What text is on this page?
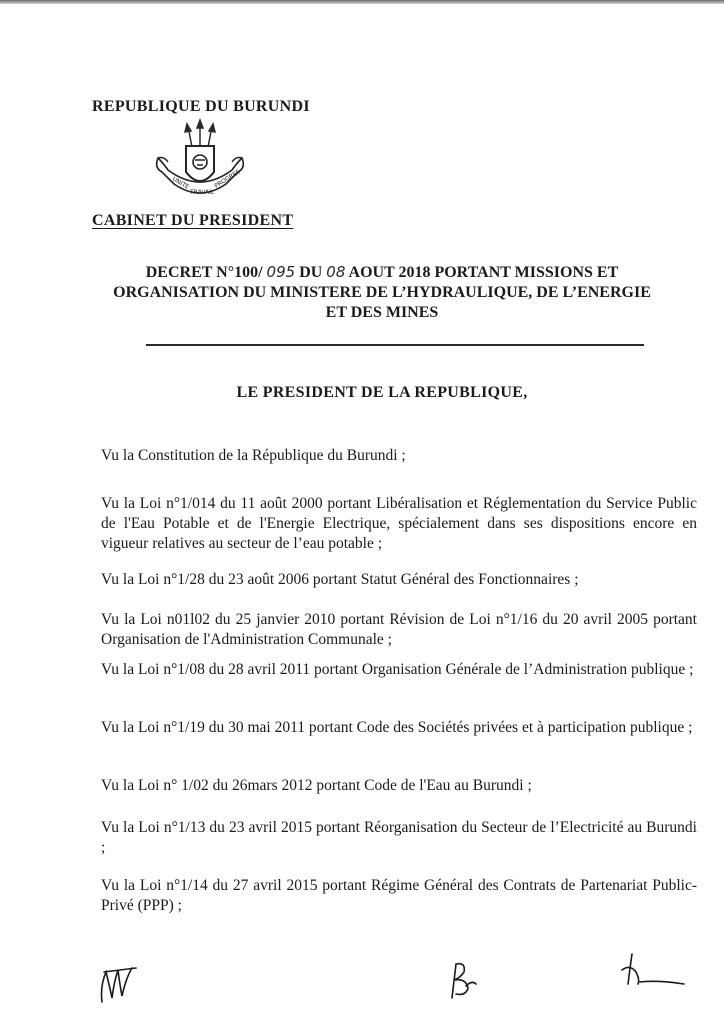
REPUBLIQUE DU BURUNDI
UNITE
TRAVAIL
PROGRES
CABINET DU PRESIDENT
DECRET N°100/ 095 DU 08 AOUT 2018 PORTANT MISSIONS ET
ORGANISATION DU MINISTERE DE L’HYDRAULIQUE, DE L’ENERGIE
ET DES MINES
LE PRESIDENT DE LA REPUBLIQUE,

Vu la Constitution de la République du Burundi ;

Vu la Loi n°1/014 du 11 août 2000 portant Libéralisation et Réglementation du Service Public de l'Eau Potable et de l'Energie Electrique, spécialement dans ses dispositions encore en vigueur relatives au secteur de l’eau potable ;

Vu la Loi n°1/28 du 23 août 2006 portant Statut Général des Fonctionnaires ;

Vu la Loi n01l02 du 25 janvier 2010 portant Révision de Loi n°1/16 du 20 avril 2005 portant Organisation de l'Administration Communale ;

Vu la Loi n°1/08 du 28 avril 2011 portant Organisation Générale de l’Administration publique ;

Vu la Loi n°1/19 du 30 mai 2011 portant Code des Sociétés privées et à participation publique ;

Vu la Loi n° 1/02 du 26mars 2012 portant Code de l'Eau au Burundi ;

Vu la Loi n°1/13 du 23 avril 2015 portant Réorganisation du Secteur de l’Electricité au Burundi ;

Vu la Loi n°1/14 du 27 avril 2015 portant Régime Général des Contrats de Partenariat Public-Privé (PPP) ;
